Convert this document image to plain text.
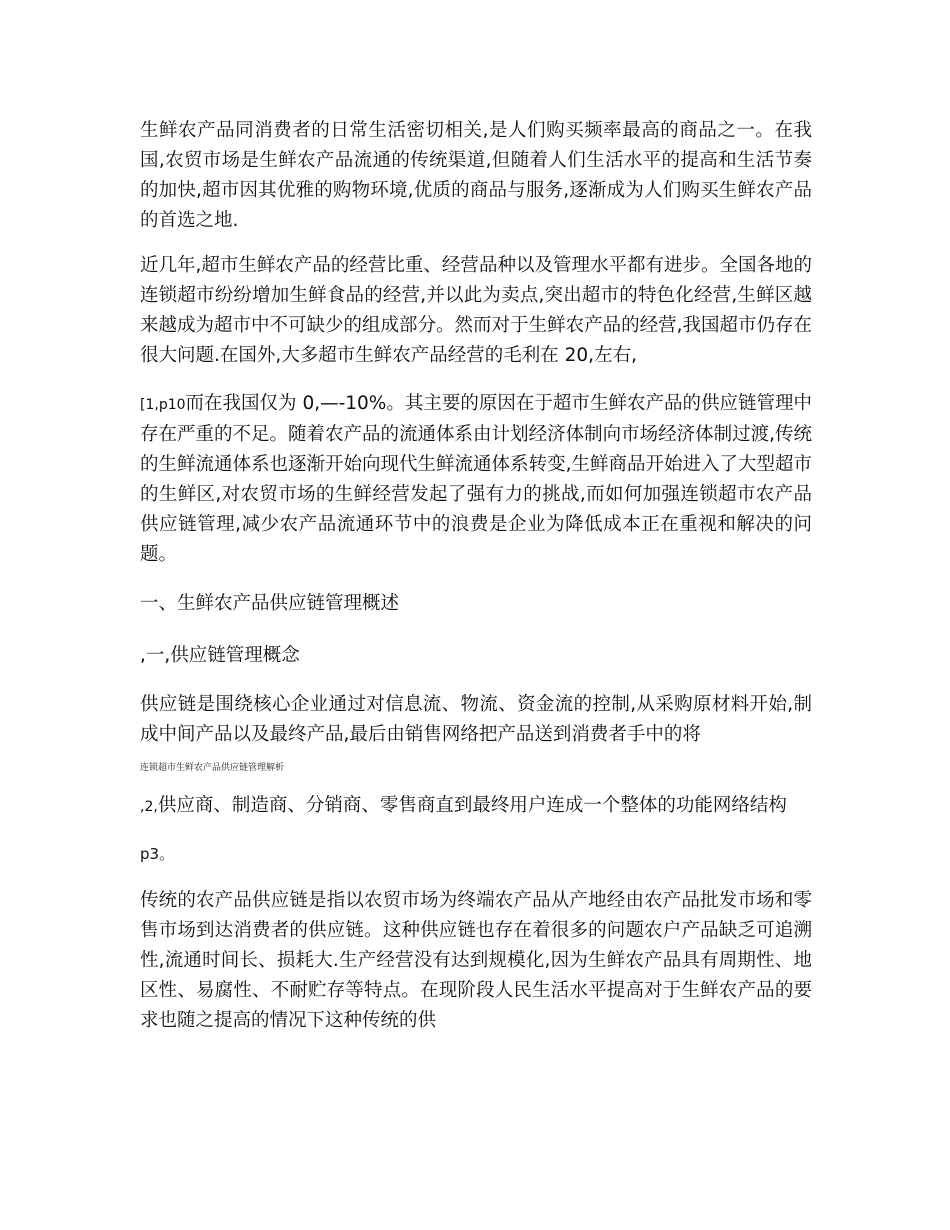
生鲜农产品同消费者的日常生活密切相关,是人们购买频率最高的商品之一。在我国,农贸市场是生鲜农产品流通的传统渠道,但随着人们生活水平的提高和生活节奏的加快,超市因其优雅的购物环境,优质的商品与服务,逐渐成为人们购买生鲜农产品的首选之地.

近几年,超市生鲜农产品的经营比重、经营品种以及管理水平都有进步。全国各地的连锁超市纷纷增加生鲜食品的经营,并以此为卖点,突出超市的特色化经营,生鲜区越来越成为超市中不可缺少的组成部分。然而对于生鲜农产品的经营,我国超市仍存在很大问题.在国外,大多超市生鲜农产品经营的毛利在 20,左右,

[1,p10而在我国仅为 0,—-10%。其主要的原因在于超市生鲜农产品的供应链管理中存在严重的不足。随着农产品的流通体系由计划经济体制向市场经济体制过渡,传统的生鲜流通体系也逐渐开始向现代生鲜流通体系转变,生鲜商品开始进入了大型超市的生鲜区,对农贸市场的生鲜经营发起了强有力的挑战,而如何加强连锁超市农产品供应链管理,减少农产品流通环节中的浪费是企业为降低成本正在重视和解决的问题。

一、生鲜农产品供应链管理概述

,一,供应链管理概念

供应链是围绕核心企业通过对信息流、物流、资金流的控制,从采购原材料开始,制成中间产品以及最终产品,最后由销售网络把产品送到消费者手中的将

连锁超市生鲜农产品供应链管理解析

,2,供应商、制造商、分销商、零售商直到最终用户连成一个整体的功能网络结构

p3。

传统的农产品供应链是指以农贸市场为终端农产品从产地经由农产品批发市场和零售市场到达消费者的供应链。这种供应链也存在着很多的问题农户产品缺乏可追溯性,流通时间长、损耗大.生产经营没有达到规模化,因为生鲜农产品具有周期性、地区性、易腐性、不耐贮存等特点。在现阶段人民生活水平提高对于生鲜农产品的要求也随之提高的情况下这种传统的供
